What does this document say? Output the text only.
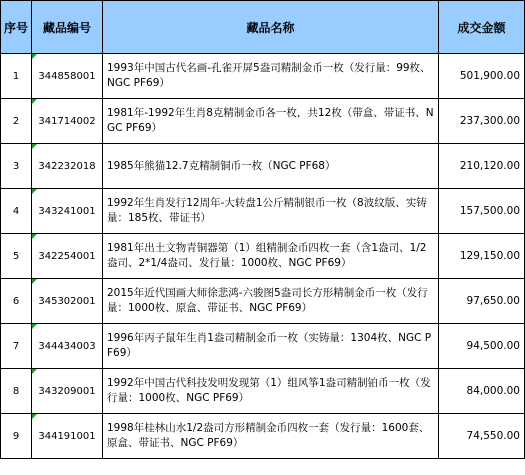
序号	藏品编号	藏品名称	成交金额
1	344858001	1993年中国古代名画-孔雀开屏5盎司精制金币一枚（发行量：99枚、NGC PF69）	501,900.00
2	341714002	1981年-1992年生肖8克精制金币各一枚，共12枚（带盒、带证书、NGC PF69）	237,300.00
3	342232018	1985年熊猫12.7克精制铜币一枚（NGC PF68）	210,120.00
4	343241001	1992年生肖发行12周年-大转盘1公斤精制银币一枚（8波纹版、实铸量：185枚、带证书）	157,500.00
5	342254001	1981年出土文物青铜器第（1）组精制金币四枚一套（含1盎司、1/2盎司、2*1/4盎司、发行量：1000枚、NGC PF69）	129,150.00
6	345302001	2015年近代国画大师徐悲鸿-六骏图5盎司长方形精制金币一枚（发行量：1000枚、原盒、带证书、NGC PF69）	97,650.00
7	344434003	1996年丙子鼠年生肖1盎司精制金币一枚（实铸量：1304枚、NGC PF69）	94,500.00
8	343209001	1992年中国古代科技发明发现第（1）组风筝1盎司精制铂币一枚（发行量：1000枚、NGC PF69）	84,000.00
9	344191001	1998年桂林山水1/2盎司方形精制金币四枚一套（发行量：1600套、原盒、带证书、NGC PF69）	74,550.00
